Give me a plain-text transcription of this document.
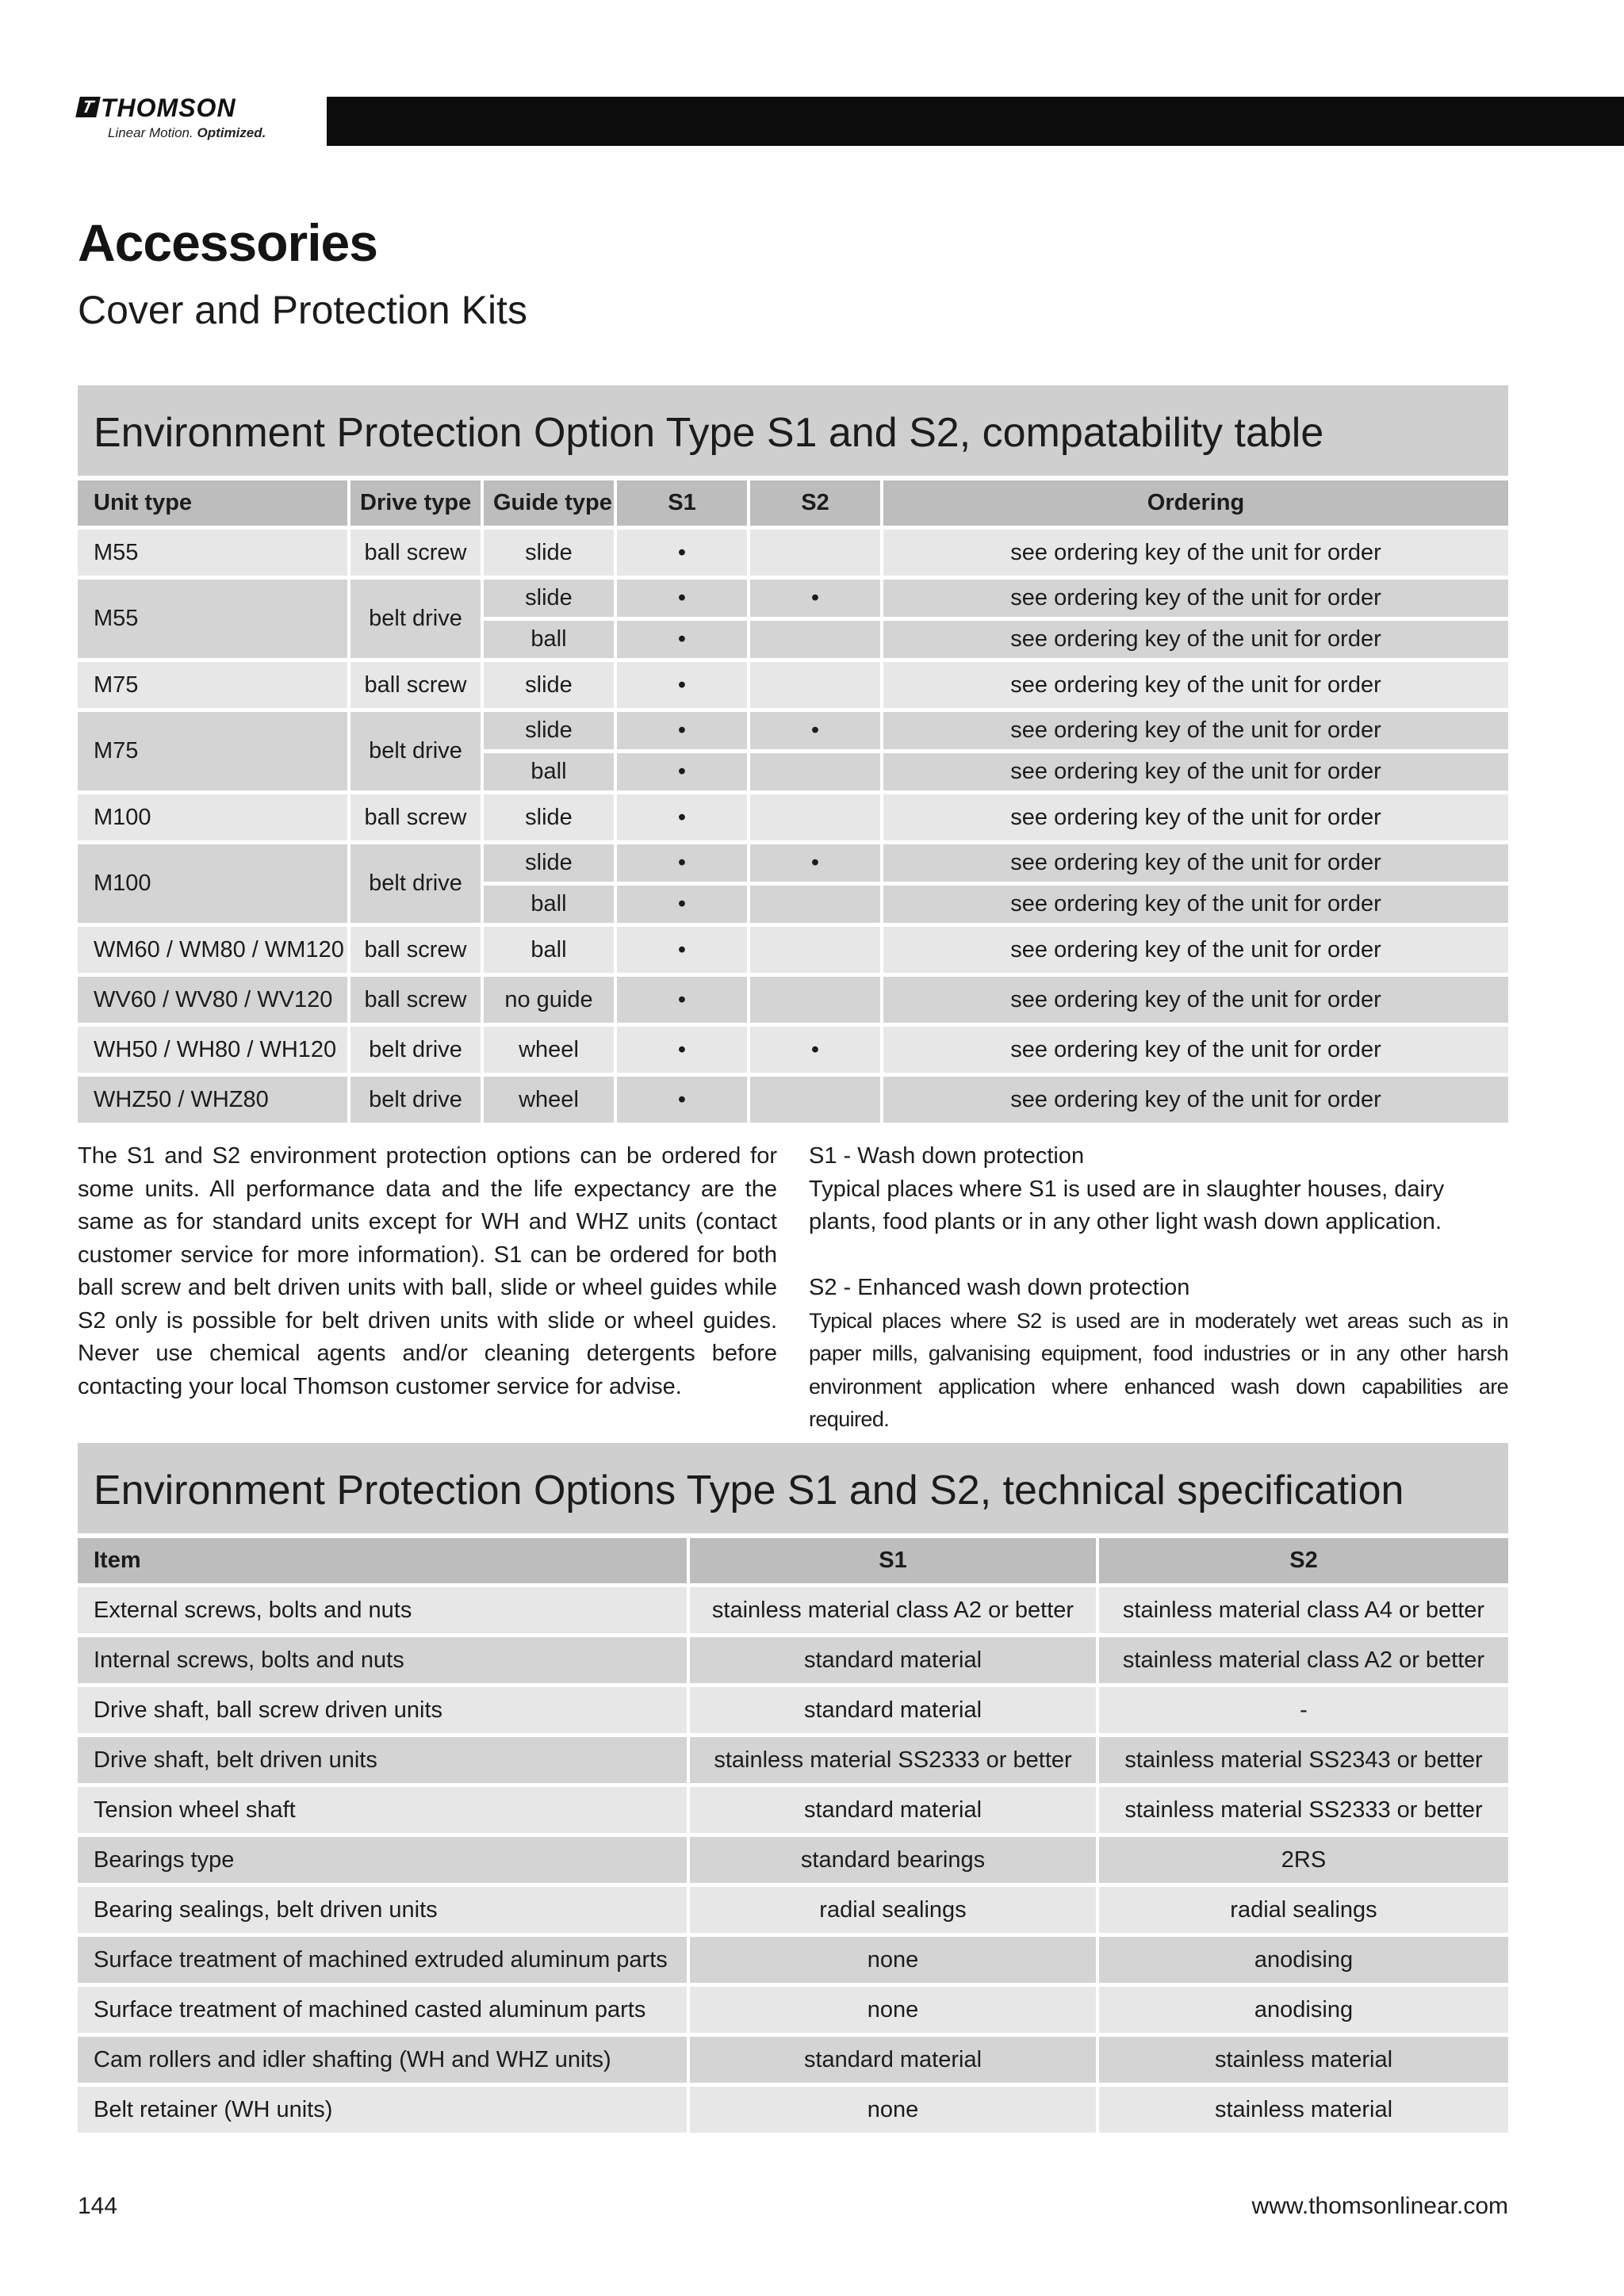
T THOMSON
Linear Motion. Optimized.
Accessories
Cover and Protection Kits
Environment Protection Option Type S1 and S2, compatability table
Unit type	Drive type	Guide type	S1	S2	Ordering
M55	ball screw	slide	•		see ordering key of the unit for order
M55	belt drive	slide	•	•	see ordering key of the unit for order
		ball	•		see ordering key of the unit for order
M75	ball screw	slide	•		see ordering key of the unit for order
M75	belt drive	slide	•	•	see ordering key of the unit for order
		ball	•		see ordering key of the unit for order
M100	ball screw	slide	•		see ordering key of the unit for order
M100	belt drive	slide	•	•	see ordering key of the unit for order
		ball	•		see ordering key of the unit for order
WM60 / WM80 / WM120	ball screw	ball	•		see ordering key of the unit for order
WV60 / WV80 / WV120	ball screw	no guide	•		see ordering key of the unit for order
WH50 / WH80 / WH120	belt drive	wheel	•	•	see ordering key of the unit for order
WHZ50 / WHZ80	belt drive	wheel	•		see ordering key of the unit for order
The S1 and S2 environment protection options can be ordered for some units. All performance data and the life expectancy are the same as for standard units except for WH and WHZ units (contact customer service for more information). S1 can be ordered for both ball screw and belt driven units with ball, slide or wheel guides while S2 only is possible for belt driven units with slide or wheel guides. Never use chemical agents and/or cleaning detergents before contacting your local Thomson customer service for advise.

S1 - Wash down protection

Typical places where S1 is used are in slaughter houses, dairy plants, food plants or in any other light wash down application.

S2 - Enhanced wash down protection

Typical places where S2 is used are in moderately wet areas such as in paper mills, galvanising equipment, food industries or in any other harsh environment application where enhanced wash down capabilities are required.

Environment Protection Options Type S1 and S2, technical specification
Item	S1	S2
External screws, bolts and nuts	stainless material class A2 or better	stainless material class A4 or better
Internal screws, bolts and nuts	standard material	stainless material class A2 or better
Drive shaft, ball screw driven units	standard material	-
Drive shaft, belt driven units	stainless material SS2333 or better	stainless material SS2343 or better
Tension wheel shaft	standard material	stainless material SS2333 or better
Bearings type	standard bearings	2RS
Bearing sealings, belt driven units	radial sealings	radial sealings
Surface treatment of machined extruded aluminum parts	none	anodising
Surface treatment of machined casted aluminum parts	none	anodising
Cam rollers and idler shafting (WH and WHZ units)	standard material	stainless material
Belt retainer (WH units)	none	stainless material
144	www.thomsonlinear.com
